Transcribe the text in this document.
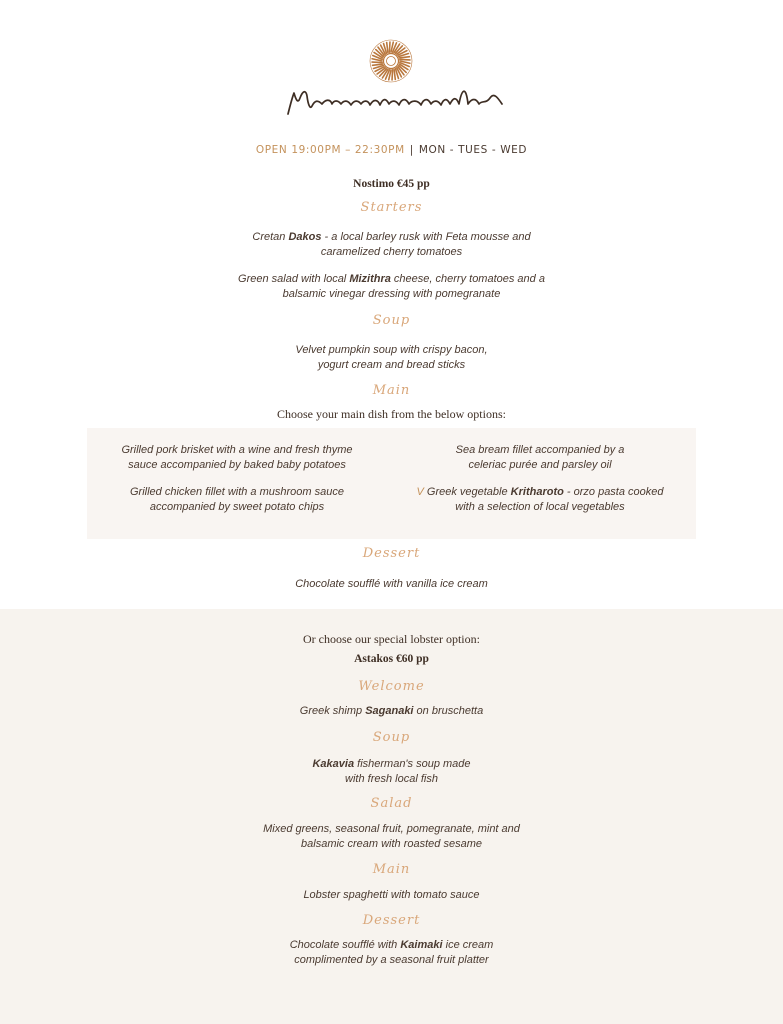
OPEN 19:00PM – 22:30PM | MON - TUES - WED
Nostimo €45 pp
Starters
Cretan Dakos - a local barley rusk with Feta mousse and
caramelized cherry tomatoes
Green salad with local Mizithra cheese, cherry tomatoes and a
balsamic vinegar dressing with pomegranate
Soup
Velvet pumpkin soup with crispy bacon,
yogurt cream and bread sticks
Main
Choose your main dish from the below options:
Grilled pork brisket with a wine and fresh thyme
sauce accompanied by baked baby potatoes
Sea bream fillet accompanied by a
celeriac purée and parsley oil
Grilled chicken fillet with a mushroom sauce
accompanied by sweet potato chips
V Greek vegetable Kritharoto - orzo pasta cooked
with a selection of local vegetables
Dessert
Chocolate soufflé with vanilla ice cream
Or choose our special lobster option:
Astakos €60 pp
Welcome
Greek shimp Saganaki on bruschetta
Soup
Kakavia fisherman's soup made
with fresh local fish
Salad
Mixed greens, seasonal fruit, pomegranate, mint and
balsamic cream with roasted sesame
Main
Lobster spaghetti with tomato sauce
Dessert
Chocolate soufflé with Kaimaki ice cream
complimented by a seasonal fruit platter
